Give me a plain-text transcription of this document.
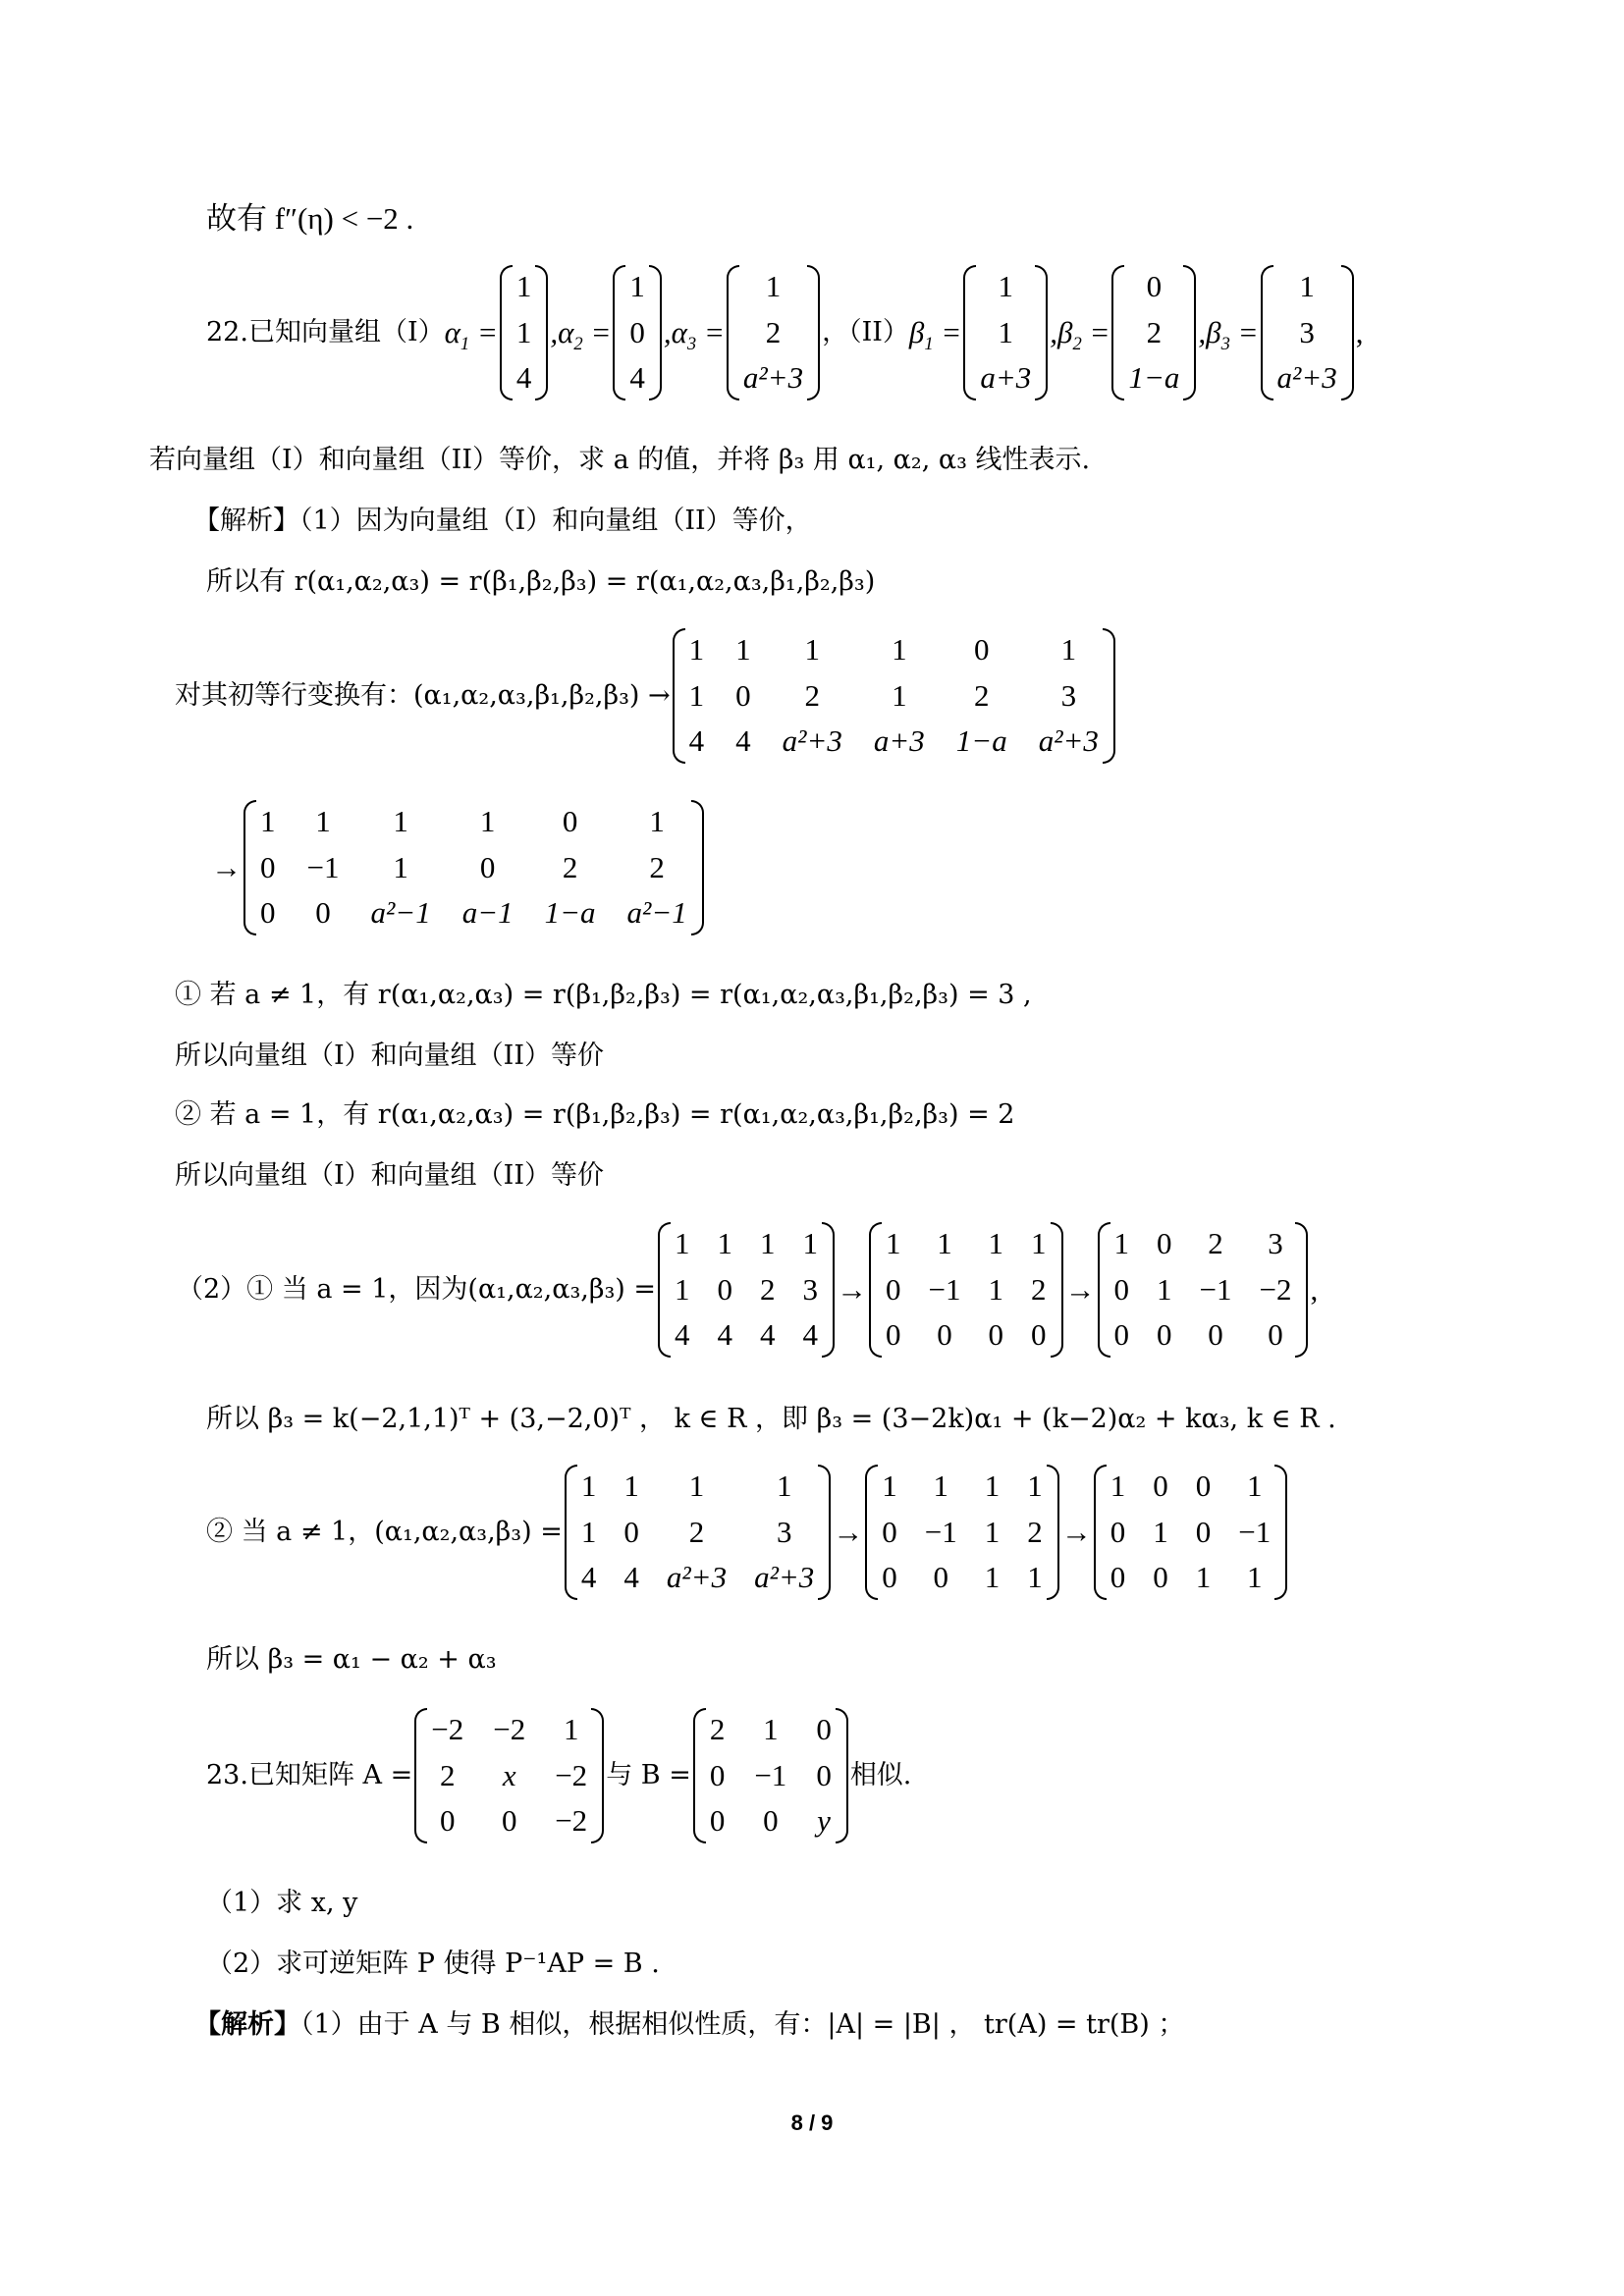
故有 f″(η) < −2 .
22.已知向量组（I） $\alpha_1$ =
1
1
4
$,\alpha_2$ =
1
0
4
$,\alpha_3$ =
1
2
a²+3
，（II） $\beta_1$ =
1
1
a+3
$,\beta_2$ =
0
2
1−a
$,\beta_3$ =
1
3
a²+3
,
若向量组（I）和向量组（II）等价，求 a 的值，并将 β₃ 用 α₁, α₂, α₃ 线性表示.
【解析】（1）因为向量组（I）和向量组（II）等价，
所以有 r(α₁,α₂,α₃) = r(β₁,β₂,β₃) = r(α₁,α₂,α₃,β₁,β₂,β₃)
对其初等行变换有：(α₁,α₂,α₃,β₁,β₂,β₃) →
1 1	1	1	0	1
1 0	2	1	2	3
4 4 a²+3 a+3 1−a a²+3
→
1 1	1	1	0	1
0 −1	1	0	2	2
0 0 a²−1 a−1 1−a a²−1
① 若 a ≠ 1，有 r(α₁,α₂,α₃) = r(β₁,β₂,β₃) = r(α₁,α₂,α₃,β₁,β₂,β₃) = 3 ,
所以向量组（I）和向量组（II）等价
② 若 a = 1，有 r(α₁,α₂,α₃) = r(β₁,β₂,β₃) = r(α₁,α₂,α₃,β₁,β₂,β₃) = 2
所以向量组（I）和向量组（II）等价
（2）① 当 a = 1，因为(α₁,α₂,α₃,β₃) =
1 1 1 1
1 0 2 3
4 4 4 4
→
1 1 1 1
0 −1 1 2
0 0 0 0
→
1 0 2 3
0 1 −1 −2
0 0 0 0
,
所以 β₃ = k(−2,1,1)ᵀ + (3,−2,0)ᵀ ， k ∈ R ，即 β₃ = (3−2k)α₁ + (k−2)α₂ + kα₃, k ∈ R .
② 当 a ≠ 1，(α₁,α₂,α₃,β₃) =
1 1	1	1
1 0	2	3
4 4 a²+3 a²+3
→
1 1 1 1
0 −1 1 2
0 0 1 1
→
1 0 0 1
0 1 0 −1
0 0 1 1
所以 β₃ = α₁ − α₂ + α₃
23.已知矩阵 A =
−2 −2 1
2	x	−2
0 0 −2
与 B =
2 1 0
0 −1 0
0 0 y
相似.
（1）求 x, y
（2）求可逆矩阵 P 使得 P⁻¹AP = B .
【解析】（1）由于 A 与 B 相似，根据相似性质，有：|A| = |B| ， tr(A) = tr(B) ；
8 / 9
